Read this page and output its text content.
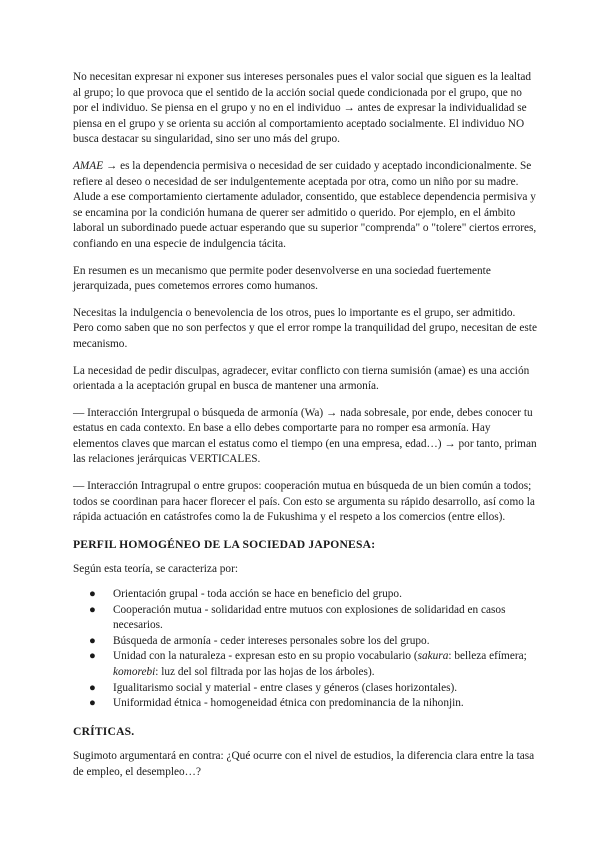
No necesitan expresar ni exponer sus intereses personales pues el valor social que siguen es la lealtad al grupo; lo que provoca que el sentido de la acción social quede condicionada por el grupo, que no por el individuo. Se piensa en el grupo y no en el individuo → antes de expresar la individualidad se piensa en el grupo y se orienta su acción al comportamiento aceptado socialmente. El individuo NO busca destacar su singularidad, sino ser uno más del grupo.

AMAE → es la dependencia permisiva o necesidad de ser cuidado y aceptado incondicionalmente. Se refiere al deseo o necesidad de ser indulgentemente aceptada por otra, como un niño por su madre. Alude a ese comportamiento ciertamente adulador, consentido, que establece dependencia permisiva y se encamina por la condición humana de querer ser admitido o querido. Por ejemplo, en el ámbito laboral un subordinado puede actuar esperando que su superior "comprenda" o "tolere" ciertos errores, confiando en una especie de indulgencia tácita.

En resumen es un mecanismo que permite poder desenvolverse en una sociedad fuertemente jerarquizada, pues cometemos errores como humanos.

Necesitas la indulgencia o benevolencia de los otros, pues lo importante es el grupo, ser admitido. Pero como saben que no son perfectos y que el error rompe la tranquilidad del grupo, necesitan de este mecanismo.

La necesidad de pedir disculpas, agradecer, evitar conflicto con tierna sumisión (amae) es una acción orientada a la aceptación grupal en busca de mantener una armonía.

— Interacción Intergrupal o búsqueda de armonía (Wa) → nada sobresale, por ende, debes conocer tu estatus en cada contexto. En base a ello debes comportarte para no romper esa armonía. Hay elementos claves que marcan el estatus como el tiempo (en una empresa, edad…) → por tanto, priman las relaciones jerárquicas VERTICALES.

— Interacción Intragrupal o entre grupos: cooperación mutua en búsqueda de un bien común a todos; todos se coordinan para hacer florecer el país. Con esto se argumenta su rápido desarrollo, así como la rápida actuación en catástrofes como la de Fukushima y el respeto a los comercios (entre ellos).

PERFIL HOMOGÉNEO DE LA SOCIEDAD JAPONESA:

Según esta teoría, se caracteriza por:

● Orientación grupal - toda acción se hace en beneficio del grupo.
● Cooperación mutua - solidaridad entre mutuos con explosiones de solidaridad en casos necesarios.
● Búsqueda de armonía - ceder intereses personales sobre los del grupo.
● Unidad con la naturaleza - expresan esto en su propio vocabulario (sakura: belleza efímera; komorebi: luz del sol filtrada por las hojas de los árboles).
● Igualitarismo social y material - entre clases y géneros (clases horizontales).
● Uniformidad étnica - homogeneidad étnica con predominancia de la nihonjin.
CRÍTICAS.

Sugimoto argumentará en contra: ¿Qué ocurre con el nivel de estudios, la diferencia clara entre la tasa de empleo, el desempleo…?
